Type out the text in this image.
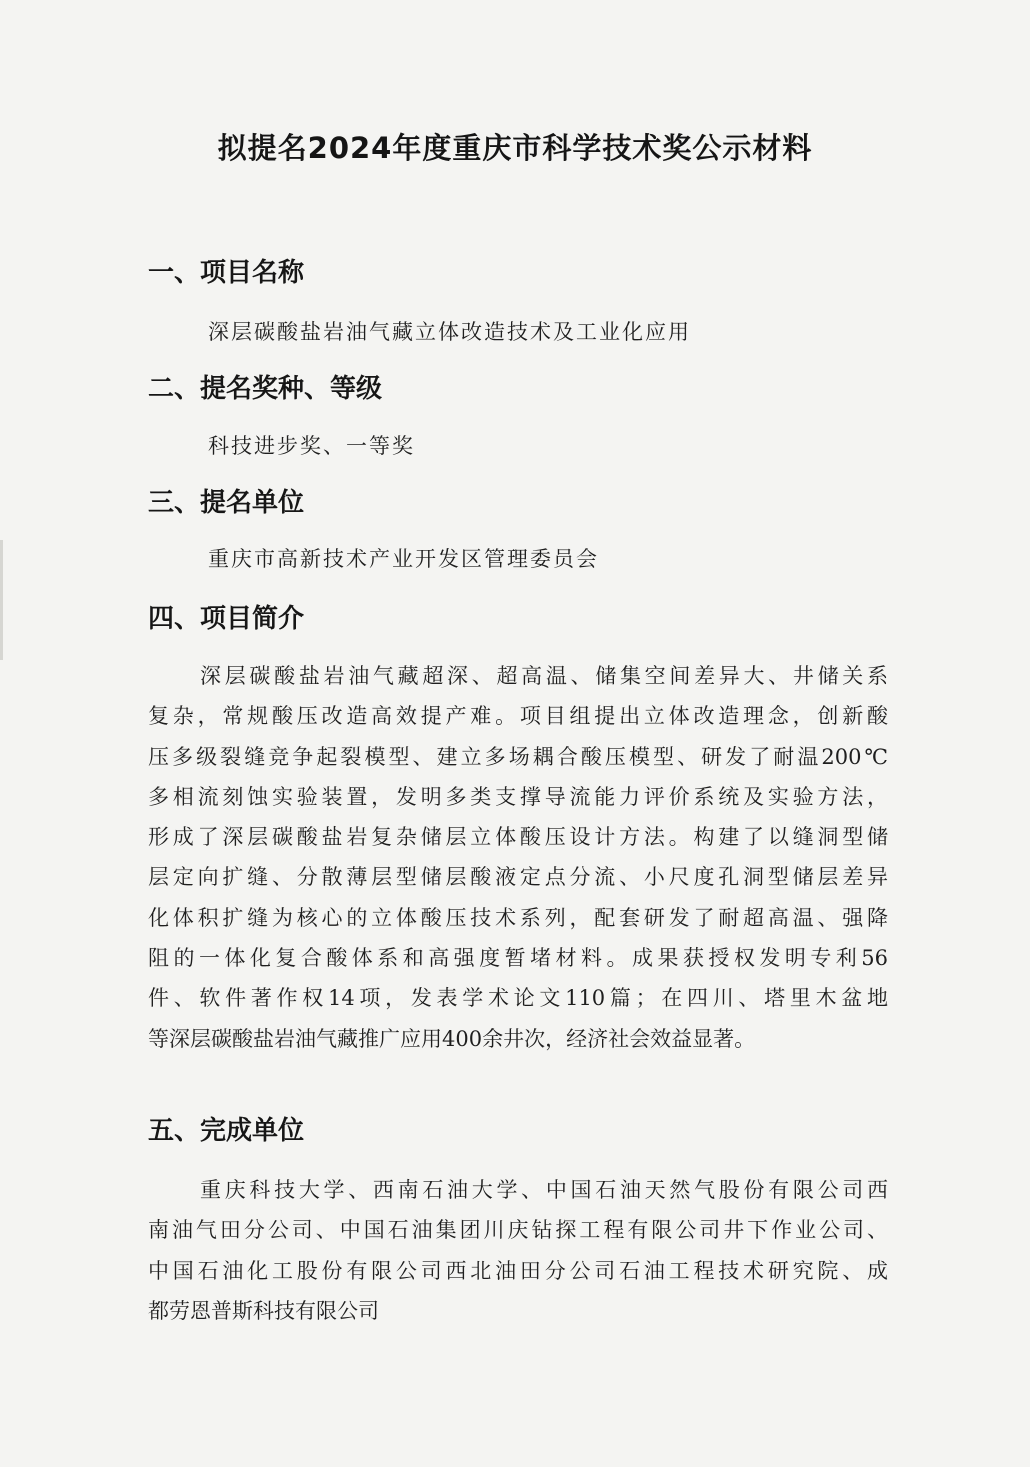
拟提名2024年度重庆市科学技术奖公示材料
一、项目名称
深层碳酸盐岩油气藏立体改造技术及工业化应用
二、提名奖种、等级
科技进步奖、一等奖
三、提名单位
重庆市高新技术产业开发区管理委员会
四、项目简介
深层碳酸盐岩油气藏超深、超高温、储集空间差异大、井储关系
复杂，常规酸压改造高效提产难。项目组提出立体改造理念，创新酸
压多级裂缝竞争起裂模型、建立多场耦合酸压模型、研发了耐温200℃
多相流刻蚀实验装置，发明多类支撑导流能力评价系统及实验方法，
形成了深层碳酸盐岩复杂储层立体酸压设计方法。构建了以缝洞型储
层定向扩缝、分散薄层型储层酸液定点分流、小尺度孔洞型储层差异
化体积扩缝为核心的立体酸压技术系列，配套研发了耐超高温、强降
阻的一体化复合酸体系和高强度暂堵材料。成果获授权发明专利56
件、软件著作权14项，发表学术论文110篇；在四川、塔里木盆地
等深层碳酸盐岩油气藏推广应用400余井次，经济社会效益显著。
五、完成单位
重庆科技大学、西南石油大学、中国石油天然气股份有限公司西
南油气田分公司、中国石油集团川庆钻探工程有限公司井下作业公司、
中国石油化工股份有限公司西北油田分公司石油工程技术研究院、成
都劳恩普斯科技有限公司
